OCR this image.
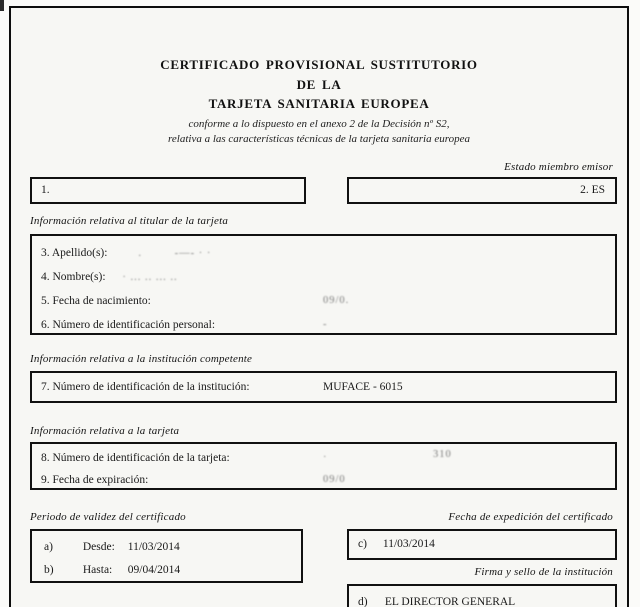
CERTIFICADO PROVISIONAL SUSTITUTORIO
DE LA
TARJETA SANITARIA EUROPEA
conforme a lo dispuesto en el anexo 2 de la Decisión nº S2,
relativa a las características técnicas de la tarjeta sanitaria europea
Estado miembro emisor
1.	2. ES
Información relativa al titular de la tarjeta
3. Apellido(s):	.         -—- · ·
4. Nombre(s): · ... .. ... ..
5. Fecha de nacimiento:	09/0.
6. Número de identificación personal:	-
Información relativa a la institución competente
7. Número de identificación de la institución:	MUFACE - 6015
Información relativa a la tarjeta
8. Número de identificación de la tarjeta:	·	310
9. Fecha de expiración:	09/0
Periodo de validez del certificado
a)	Desde: 11/03/2014
b)	Hasta: 09/04/2014
Fecha de expedición del certificado
c) 11/03/2014
Firma y sello de la institución
d) EL DIRECTOR GENERAL
